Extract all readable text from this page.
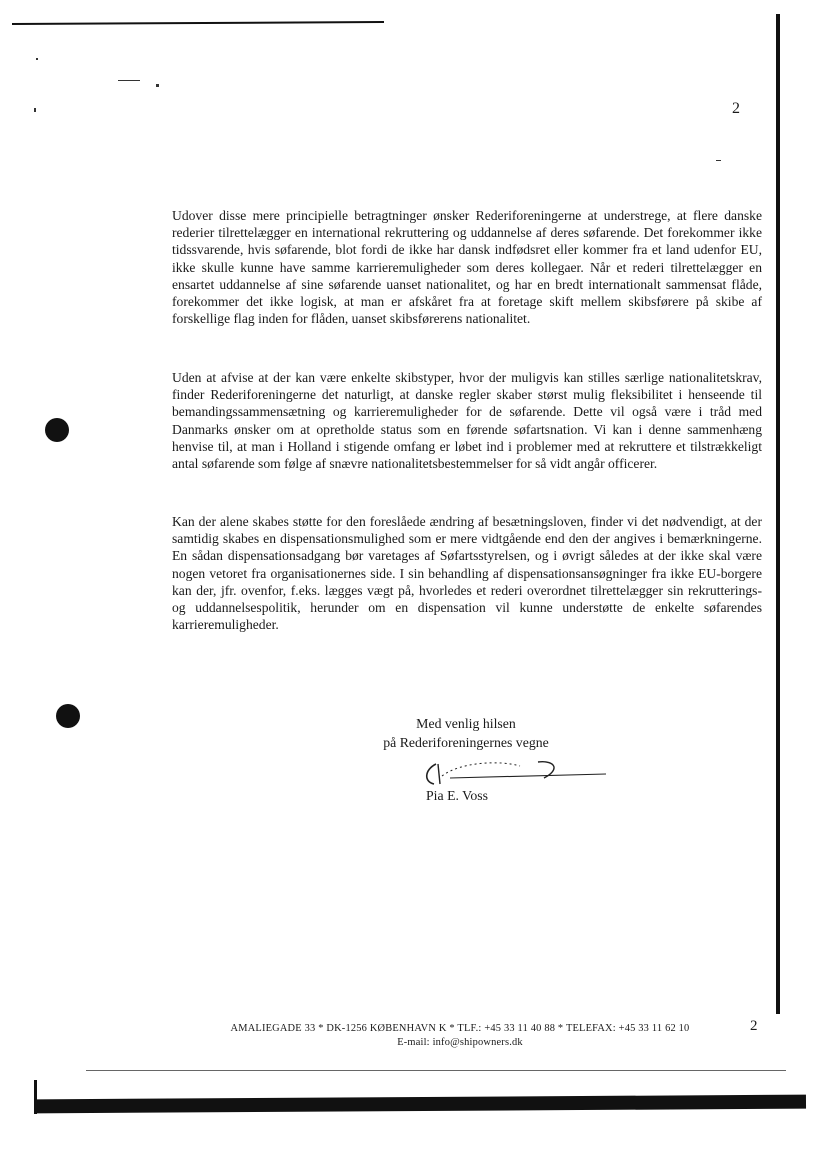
2
Udover disse mere principielle betragtninger ønsker Rederiforeningerne at understrege, at flere danske rederier tilrettelægger en international rekruttering og uddannelse af deres søfarende. Det forekommer ikke tidssvarende, hvis søfarende, blot fordi de ikke har dansk indfødsret eller kommer fra et land udenfor EU, ikke skulle kunne have samme karrieremuligheder som deres kollegaer. Når et rederi tilrettelægger en ensartet uddannelse af sine søfarende uanset nationalitet, og har en bredt internationalt sammensat flåde, forekommer det ikke logisk, at man er afskåret fra at foretage skift mellem skibsførere på skibe af forskellige flag inden for flåden, uanset skibsførerens nationalitet.
Uden at afvise at der kan være enkelte skibstyper, hvor der muligvis kan stilles særlige nationalitetskrav, finder Rederiforeningerne det naturligt, at danske regler skaber størst mulig fleksibilitet i henseende til bemandingssammensætning og karrieremuligheder for de søfarende. Dette vil også være i tråd med Danmarks ønsker om at opretholde status som en førende søfartsnation. Vi kan i denne sammenhæng henvise til, at man i Holland i stigende omfang er løbet ind i problemer med at rekruttere et tilstrækkeligt antal søfarende som følge af snævre nationalitetsbestemmelser for så vidt angår officerer.
Kan der alene skabes støtte for den foreslåede ændring af besætningsloven, finder vi det nødvendigt, at der samtidig skabes en dispensationsmulighed som er mere vidtgående end den der angives i bemærkningerne. En sådan dispensationsadgang bør varetages af Søfartsstyrelsen, og i øvrigt således at der ikke skal være nogen vetoret fra organisationernes side. I sin behandling af dispensationsansøgninger fra ikke EU-borgere kan der, jfr. ovenfor, f.eks. lægges vægt på, hvorledes et rederi overordnet tilrettelægger sin rekrutterings- og uddannelsespolitik, herunder om en dispensation vil kunne understøtte de enkelte søfarendes karrieremuligheder.
Med venlig hilsen
på Rederiforeningernes vegne
Pia E. Voss
AMALIEGADE 33 * DK-1256 KØBENHAVN K * TLF.: +45 33 11 40 88 * TELEFAX: +45 33 11 62 10
E-mail: info@shipowners.dk
2
